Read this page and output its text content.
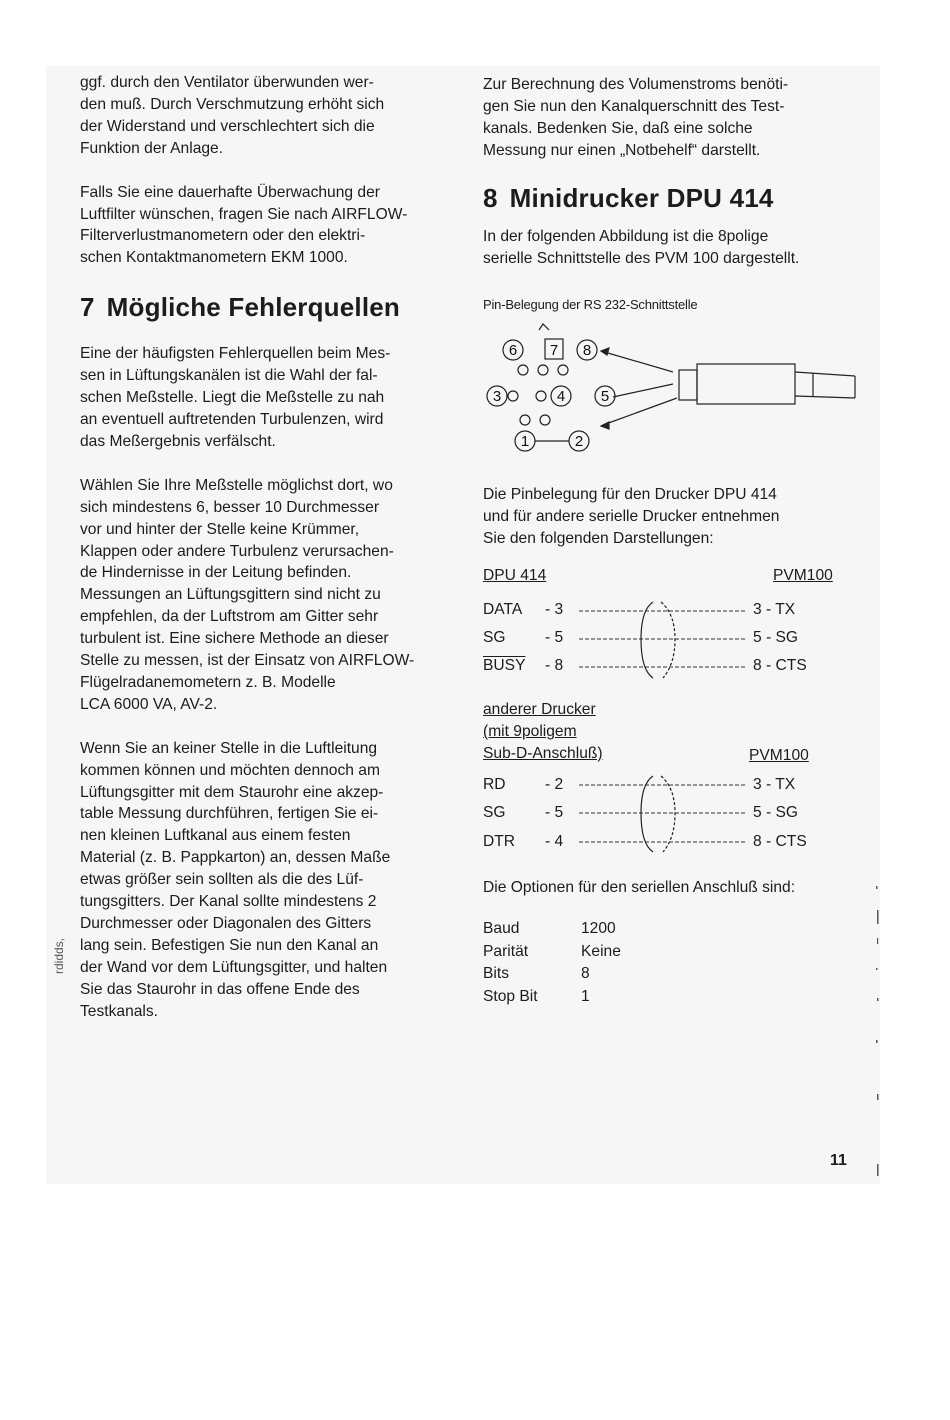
ggf. durch den Ventilator überwunden wer-
den muß. Durch Verschmutzung erhöht sich
der Widerstand und verschlechtert sich die
Funktion der Anlage.

Falls Sie eine dauerhafte Überwachung der
Luftfilter wünschen, fragen Sie nach AIRFLOW-
Filterverlustmanometern oder den elektri-
schen Kontaktmanometern EKM 1000.

7 Mögliche Fehlerquellen

Eine der häufigsten Fehlerquellen beim Mes-
sen in Lüftungskanälen ist die Wahl der fal-
schen Meßstelle. Liegt die Meßstelle zu nah
an eventuell auftretenden Turbulenzen, wird
das Meßergebnis verfälscht.

Wählen Sie Ihre Meßstelle möglichst dort, wo
sich mindestens 6, besser 10 Durchmesser
vor und hinter der Stelle keine Krümmer,
Klappen oder andere Turbulenz verursachen-
de Hindernisse in der Leitung befinden.
Messungen an Lüftungsgittern sind nicht zu
empfehlen, da der Luftstrom am Gitter sehr
turbulent ist. Eine sichere Methode an dieser
Stelle zu messen, ist der Einsatz von AIRFLOW-
Flügelradanemometern z. B. Modelle
LCA 6000 VA, AV-2.

Wenn Sie an keiner Stelle in die Luftleitung
kommen können und möchten dennoch am
Lüftungsgitter mit dem Staurohr eine akzep-
table Messung durchführen, fertigen Sie ei-
nen kleinen Luftkanal aus einem festen
Material (z. B. Pappkarton) an, dessen Maße
etwas größer sein sollten als die des Lüf-
tungsgitters. Der Kanal sollte mindestens 2
Durchmesser oder Diagonalen des Gitters
lang sein. Befestigen Sie nun den Kanal an
der Wand vor dem Lüftungsgitter, und halten
Sie das Staurohr in das offene Ende des
Testkanals.

rdidds,

Zur Berechnung des Volumenstroms benöti-
gen Sie nun den Kanalquerschnitt des Test-
kanals. Bedenken Sie, daß eine solche
Messung nur einen „Notbehelf“ darstellt.

8 Minidrucker DPU 414

In der folgenden Abbildung ist die 8polige
serielle Schnittstelle des PVM 100 dargestellt.

Pin-Belegung der RS 232-Schnittstelle
6 7 8
3	4 5
1	2

Die Pinbelegung für den Drucker DPU 414
und für andere serielle Drucker entnehmen
Sie den folgenden Darstellungen:

DPU 414	PVM100
DATA - 3	3 - TX
SG	- 5	5 - SG
BUSY - 8	8 - CTS
anderer Drucker
(mit 9poligem
Sub-D-Anschluß)	PVM100
RD	- 2	3 - TX
SG	- 5	5 - SG
DTR - 4	8 - CTS

Die Optionen für den seriellen Anschluß sind:

Baud	1200
Parität	Keine
Bits	8
Stop Bit	1
11
